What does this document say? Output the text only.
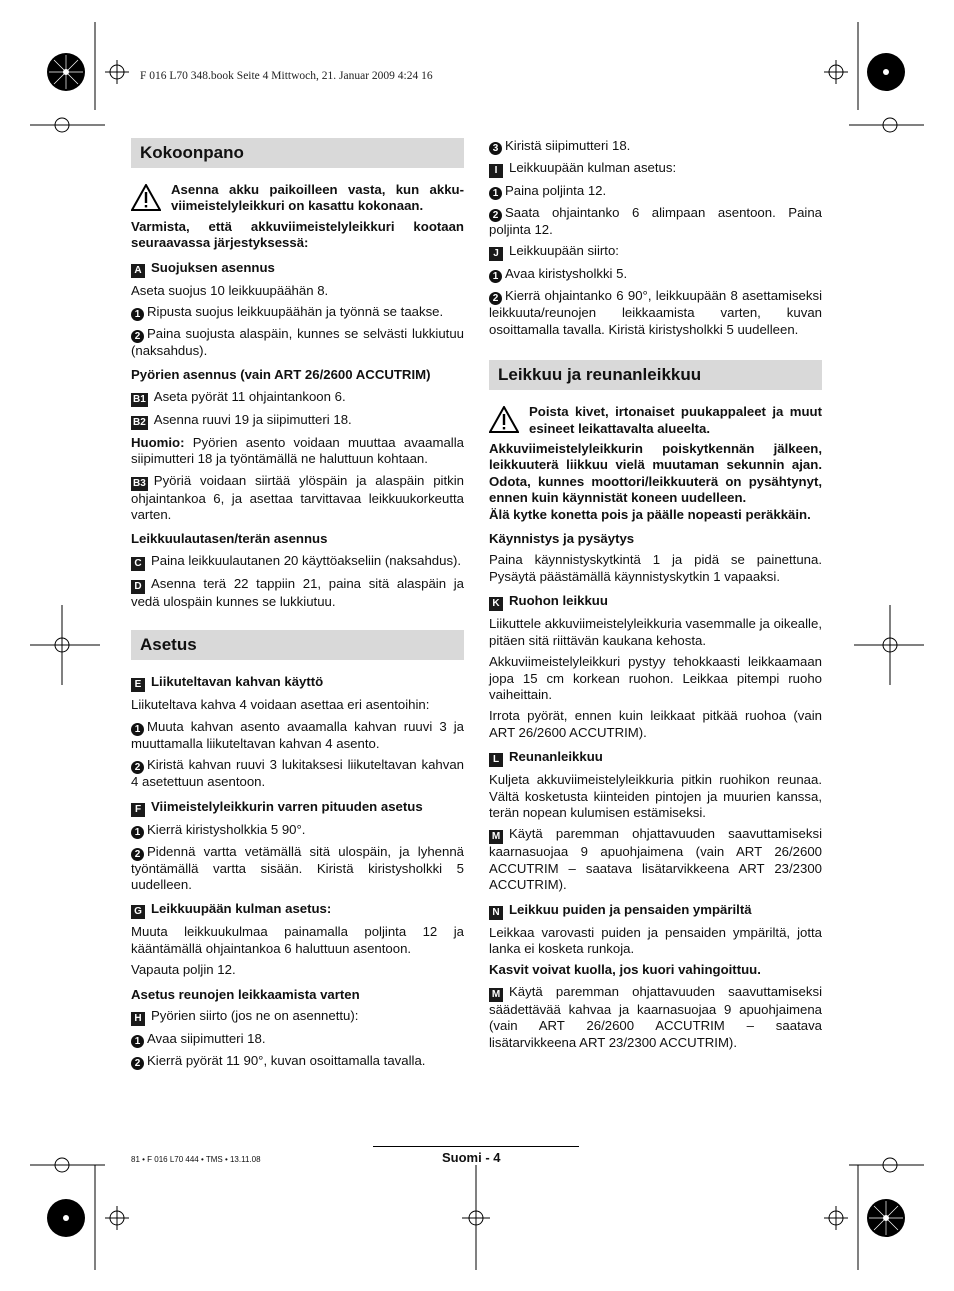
F 016 L70 348.book Seite 4 Mittwoch, 21. Januar 2009 4:24 16
Kokoonpano

Asenna akku paikoilleen vasta, kun akku-viimeistelyleikkuri on kasattu kokonaan.

Varmista, että akkuviimeistelyleikkuri kootaan seuraavassa järjestyksessä:

A Suojuksen asennus

Aseta suojus 10 leikkuupäähän 8.

1 Ripusta suojus leikkuupäähän ja työnnä se taakse.

2 Paina suojusta alaspäin, kunnes se selvästi lukkiutuu (naksahdus).

Pyörien asennus (vain ART 26/2600 ACCUTRIM)

B1 Aseta pyörät 11 ohjaintankoon 6.

B2 Asenna ruuvi 19 ja siipimutteri 18.

Huomio: Pyörien asento voidaan muuttaa avaamalla siipimutteri 18 ja työntämällä ne haluttuun kohtaan.

B3 Pyöriä voidaan siirtää ylöspäin ja alaspäin pitkin ohjaintankoa 6, ja asettaa tarvittavaa leikkuukorkeutta varten.

Leikkuulautasen/terän asennus

C Paina leikkuulautanen 20 käyttöakseliin (naksahdus).

D Asenna terä 22 tappiin 21, paina sitä alaspäin ja vedä ulospäin kunnes se lukkiutuu.

Asetus
E Liikuteltavan kahvan käyttö

Liikuteltava kahva 4 voidaan asettaa eri asentoihin:

1 Muuta kahvan asento avaamalla kahvan ruuvi 3 ja muuttamalla liikuteltavan kahvan 4 asento.

2 Kiristä kahvan ruuvi 3 lukitaksesi liikuteltavan kahvan 4 asetettuun asentoon.

F Viimeistelyleikkurin varren pituuden asetus

1 Kierrä kiristysholkkia 5 90°.

2 Pidennä vartta vetämällä sitä ulospäin, ja lyhennä työntämällä vartta sisään. Kiristä kiristysholkki 5 uudelleen.

G Leikkuupään kulman asetus:

Muuta leikkuukulmaa painamalla poljinta 12 ja kääntämällä ohjaintankoa 6 haluttuun asentoon.

Vapauta poljin 12.

Asetus reunojen leikkaamista varten

H Pyörien siirto (jos ne on asennettu):

1 Avaa siipimutteri 18.

2 Kierrä pyörät 11 90°, kuvan osoittamalla tavalla.

3 Kiristä siipimutteri 18.

I Leikkuupään kulman asetus:

1 Paina poljinta 12.

2 Saata ohjaintanko 6 alimpaan asentoon. Paina poljinta 12.

J Leikkuupään siirto:

1 Avaa kiristysholkki 5.

2 Kierrä ohjaintanko 6 90°, leikkuupään 8 asettamiseksi leikkuuta/reunojen leikkaamista varten, kuvan osoittamalla tavalla. Kiristä kiristysholkki 5 uudelleen.

Leikkuu ja reunanleikkuu

Poista kivet, irtonaiset puukappaleet ja muut esineet leikattavalta alueelta.

Akkuviimeistelyleikkurin poiskytkennän jälkeen, leikkuuterä liikkuu vielä muutaman sekunnin ajan. Odota, kunnes moottori/leikkuuterä on pysähtynyt, ennen kuin käynnistät koneen uudelleen.

Älä kytke konetta pois ja päälle nopeasti peräkkäin.

Käynnistys ja pysäytys

Paina käynnistyskytkintä 1 ja pidä se painettuna. Pysäytä päästämällä käynnistyskytkin 1 vapaaksi.

K Ruohon leikkuu

Liikuttele akkuviimeistelyleikkuria vasemmalle ja oikealle, pitäen sitä riittävän kaukana kehosta.

Akkuviimeistelyleikkuri pystyy tehokkaasti leikkaamaan jopa 15 cm korkean ruohon. Leikkaa pitempi ruoho vaiheittain.

Irrota pyörät, ennen kuin leikkaat pitkää ruohoa (vain ART 26/2600 ACCUTRIM).

L Reunanleikkuu

Kuljeta akkuviimeistelyleikkuria pitkin ruohikon reunaa. Vältä kosketusta kiinteiden pintojen ja muurien kanssa, terän nopean kulumisen estämiseksi.

M Käytä paremman ohjattavuuden saavuttamiseksi kaarnasuojaa 9 apuohjaimena (vain ART 26/2600 ACCUTRIM – saatava lisätarvikkeena ART 23/2300 ACCUTRIM).

N Leikkuu puiden ja pensaiden ympäriltä

Leikkaa varovasti puiden ja pensaiden ympäriltä, jotta lanka ei kosketa runkoja.

Kasvit voivat kuolla, jos kuori vahingoittuu.

M Käytä paremman ohjattavuuden saavuttamiseksi säädettävää kahvaa ja kaarnasuojaa 9 apuohjaimena (vain ART 26/2600 ACCUTRIM – saatava lisätarvikkeena ART 23/2300 ACCUTRIM).

81 • F 016 L70 444 • TMS • 13.11.08	Suomi - 4
